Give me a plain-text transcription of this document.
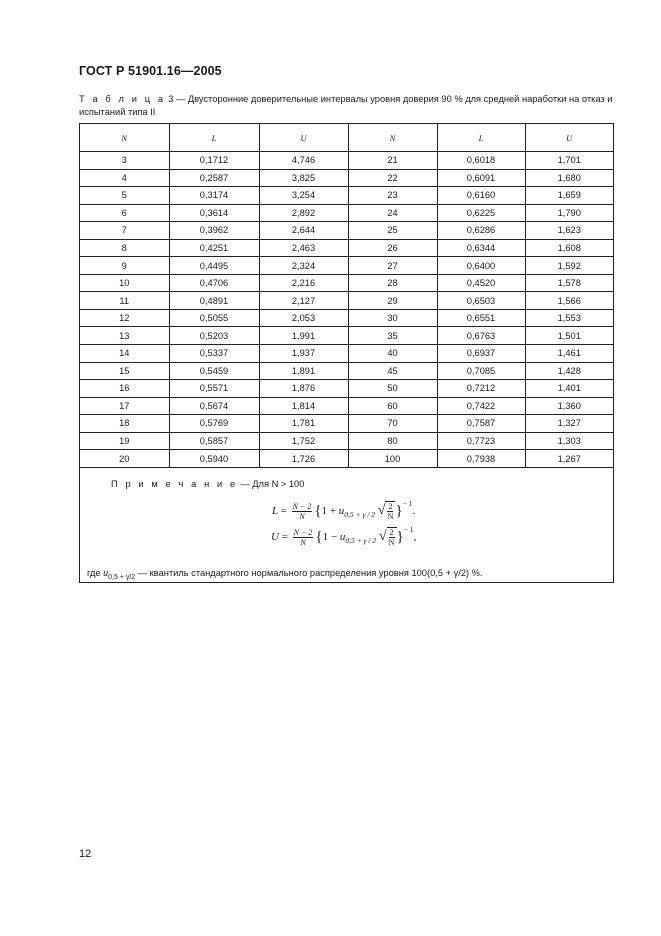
ГОСТ Р 51901.16—2005
Т а б л и ц а 3 — Двусторонние доверительные интервалы уровня доверия 90 % для средней наработки на отказ и испытаний типа II
N	L	U	N	L	U
3	0,1712	4,746	21	0,6018	1,701
4	0,2587	3,825	22	0,6091	1,680
5	0,3174	3,254	23	0,6160	1,659
6	0,3614	2,892	24	0,6225	1,790
7	0,3962	2,644	25	0,6286	1,623
8	0,4251	2,463	26	0,6344	1,608
9	0,4495	2,324	27	0,6400	1,592
10	0,4706	2,216	28	0,4520	1,578
11	0,4891	2,127	29	0,6503	1,566
12	0,5055	2,053	30	0,6551	1,553
13	0,5203	1,991	35	0,6763	1,501
14	0,5337	1,937	40	0,6937	1,461
15	0,5459	1,891	45	0,7085	1,428
16	0,5571	1,876	50	0,7212	1,401
17	0,5674	1,814	60	0,7422	1,360
18	0,5769	1,781	70	0,7587	1,327
19	0,5857	1,752	80	0,7723	1,303
20	0,5940	1,726	100	0,7938	1,267
П р и м е ч а н и е — Для N > 100
$L = \frac{N - 2}{N} \{1 + u_{0,5 + \gamma / 2}$ √ $\frac{2}{N} \}^{- 1}$.
$U = \frac{N - 2}{N} \{1 - u_{0,5 + \gamma / 2}$ √ $\frac{2}{N} \}^{- 1}$,
где $u_{0,5 + \gamma/2}$ — квантиль стандартного нормального распределения уровня 100(0,5 + γ/2) %.
12
